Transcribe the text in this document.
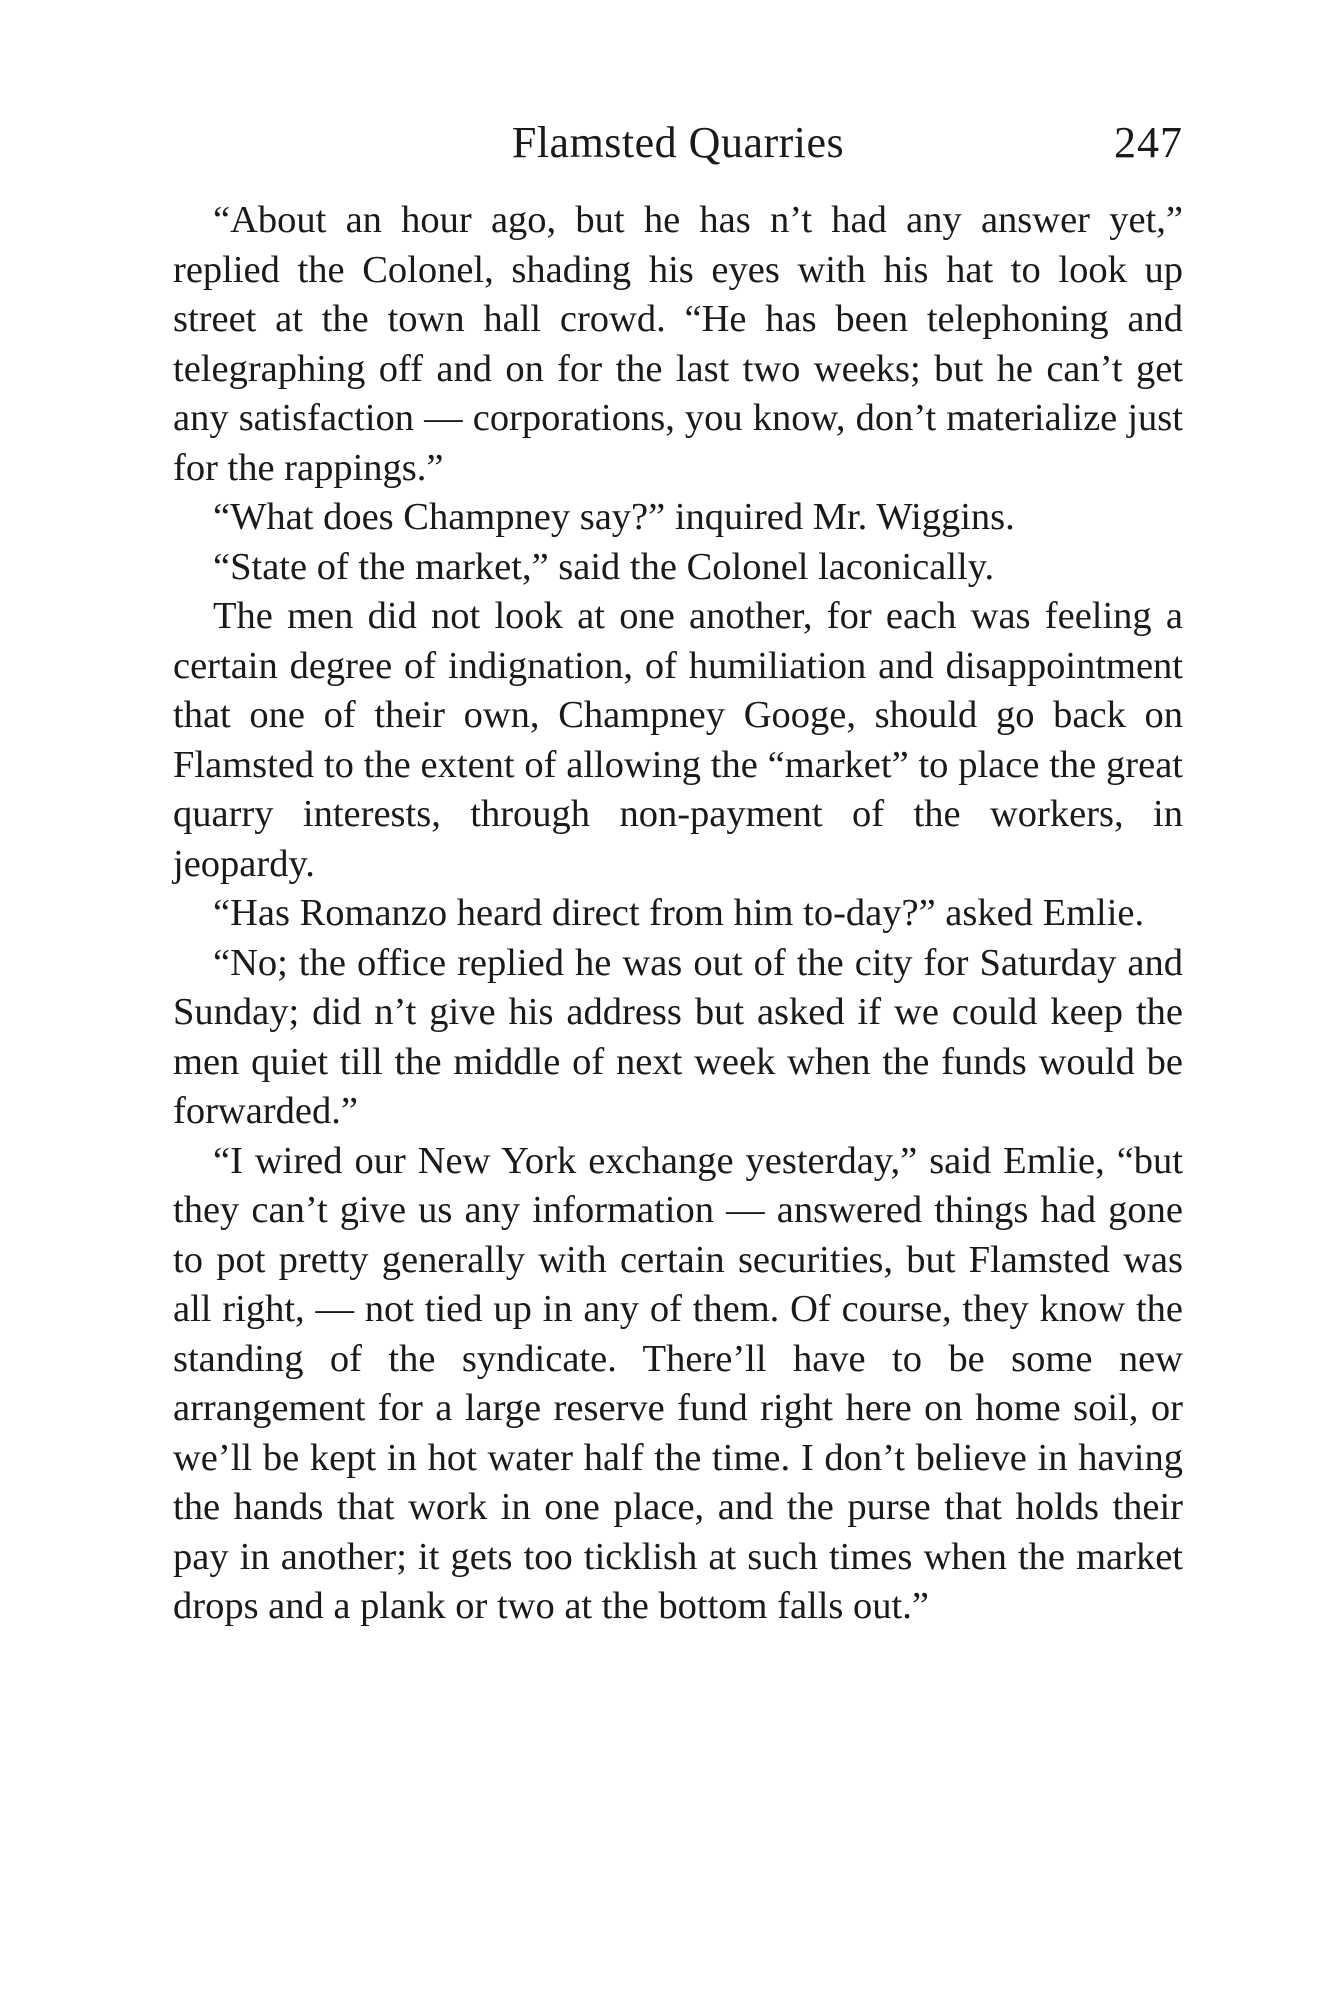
Flamsted Quarries	247

“About an hour ago, but he has n’t had any answer yet,” replied the Colonel, shading his eyes with his hat to look up street at the town hall crowd. “He has been telephoning and telegraphing off and on for the last two weeks; but he can’t get any satisfaction — corporations, you know, don’t materialize just for the rappings.”

“What does Champney say?” inquired Mr. Wiggins.

“State of the market,” said the Colonel laconically.

The men did not look at one another, for each was feeling a certain degree of indignation, of humiliation and disappointment that one of their own, Champney Googe, should go back on Flamsted to the extent of allowing the “market” to place the great quarry interests, through non-payment of the workers, in jeopardy.

“Has Romanzo heard direct from him to-day?” asked Emlie.

“No; the office replied he was out of the city for Saturday and Sunday; did n’t give his address but asked if we could keep the men quiet till the middle of next week when the funds would be forwarded.”

“I wired our New York exchange yesterday,” said Emlie, “but they can’t give us any information — answered things had gone to pot pretty generally with certain securities, but Flamsted was all right, — not tied up in any of them. Of course, they know the standing of the syndicate. There’ll have to be some new arrangement for a large reserve fund right here on home soil, or we’ll be kept in hot water half the time. I don’t believe in having the hands that work in one place, and the purse that holds their pay in another; it gets too ticklish at such times when the market drops and a plank or two at the bottom falls out.”
